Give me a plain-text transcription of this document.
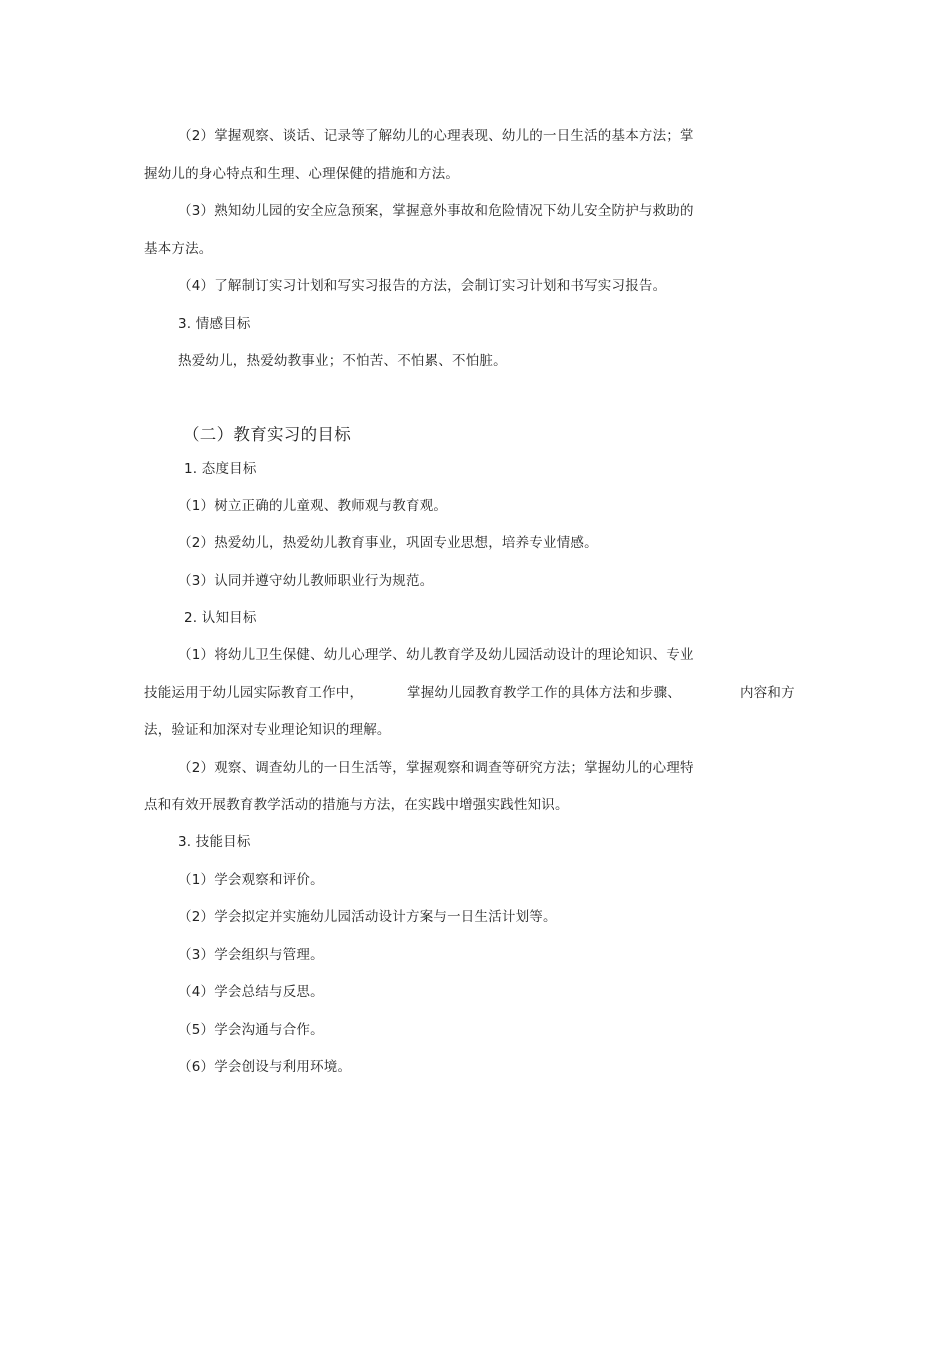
（2）掌握观察、谈话、记录等了解幼儿的心理表现、幼儿的一日生活的基本方法；掌
握幼儿的身心特点和生理、心理保健的措施和方法。
（3）熟知幼儿园的安全应急预案，掌握意外事故和危险情况下幼儿安全防护与救助的
基本方法。
（4）了解制订实习计划和写实习报告的方法，会制订实习计划和书写实习报告。
3. 情感目标
热爱幼儿，热爱幼教事业；不怕苦、不怕累、不怕脏。
（二）教育实习的目标
1. 态度目标
（1）树立正确的儿童观、教师观与教育观。
（2）热爱幼儿，热爱幼儿教育事业，巩固专业思想，培养专业情感。
（3）认同并遵守幼儿教师职业行为规范。
2. 认知目标
（1）将幼儿卫生保健、幼儿心理学、幼儿教育学及幼儿园活动设计的理论知识、专业
技能运用于幼儿园实际教育工作中，	掌握幼儿园教育教学工作的具体方法和步骤、	内容和方
法，验证和加深对专业理论知识的理解。
（2）观察、调查幼儿的一日生活等，掌握观察和调查等研究方法；掌握幼儿的心理特
点和有效开展教育教学活动的措施与方法，在实践中增强实践性知识。
3. 技能目标
（1）学会观察和评价。
（2）学会拟定并实施幼儿园活动设计方案与一日生活计划等。
（3）学会组织与管理。
（4）学会总结与反思。
（5）学会沟通与合作。
（6）学会创设与利用环境。
